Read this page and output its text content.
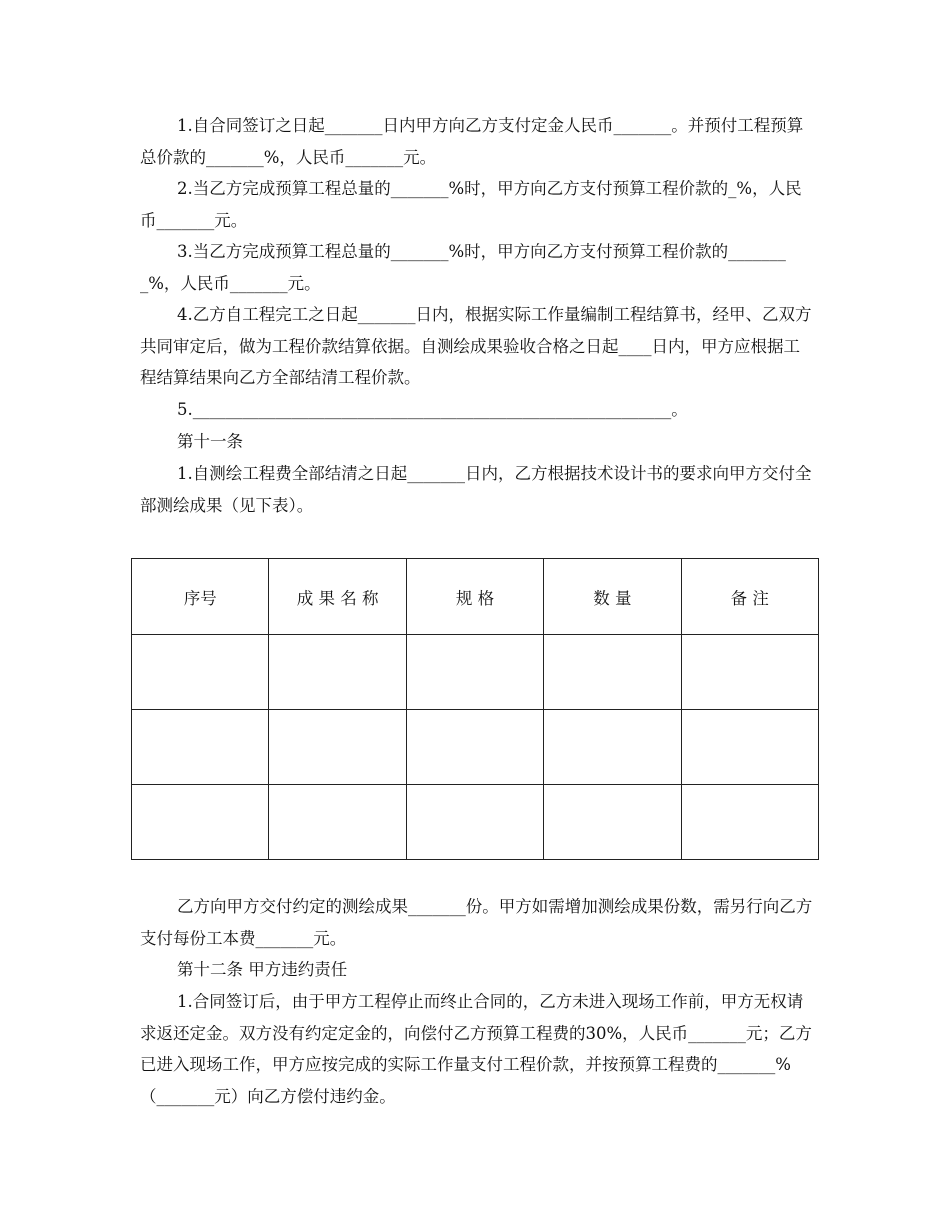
1.自合同签订之日起_______日内甲方向乙方支付定金人民币_______。并预付工程预算总价款的_______%，人民币_______元。

2.当乙方完成预算工程总量的_______%时，甲方向乙方支付预算工程价款的_%，人民币_______元。

3.当乙方完成预算工程总量的_______%时，甲方向乙方支付预算工程价款的________%，人民币_______元。

4.乙方自工程完工之日起_______日内，根据实际工作量编制工程结算书，经甲、乙双方共同审定后，做为工程价款结算依据。自测绘成果验收合格之日起____日内，甲方应根据工程结算结果向乙方全部结清工程价款。

5.__________________________________________________________。

第十一条

1.自测绘工程费全部结清之日起_______日内，乙方根据技术设计书的要求向甲方交付全部测绘成果（见下表）。

序号	成 果 名 称	规 格	数 量	备 注

乙方向甲方交付约定的测绘成果_______份。甲方如需增加测绘成果份数，需另行向乙方支付每份工本费_______元。

第十二条 甲方违约责任

1.合同签订后，由于甲方工程停止而终止合同的，乙方未进入现场工作前，甲方无权请求返还定金。双方没有约定定金的，向偿付乙方预算工程费的30%，人民币_______元；乙方已进入现场工作，甲方应按完成的实际工作量支付工程价款，并按预算工程费的_______%（_______元）向乙方偿付违约金。
